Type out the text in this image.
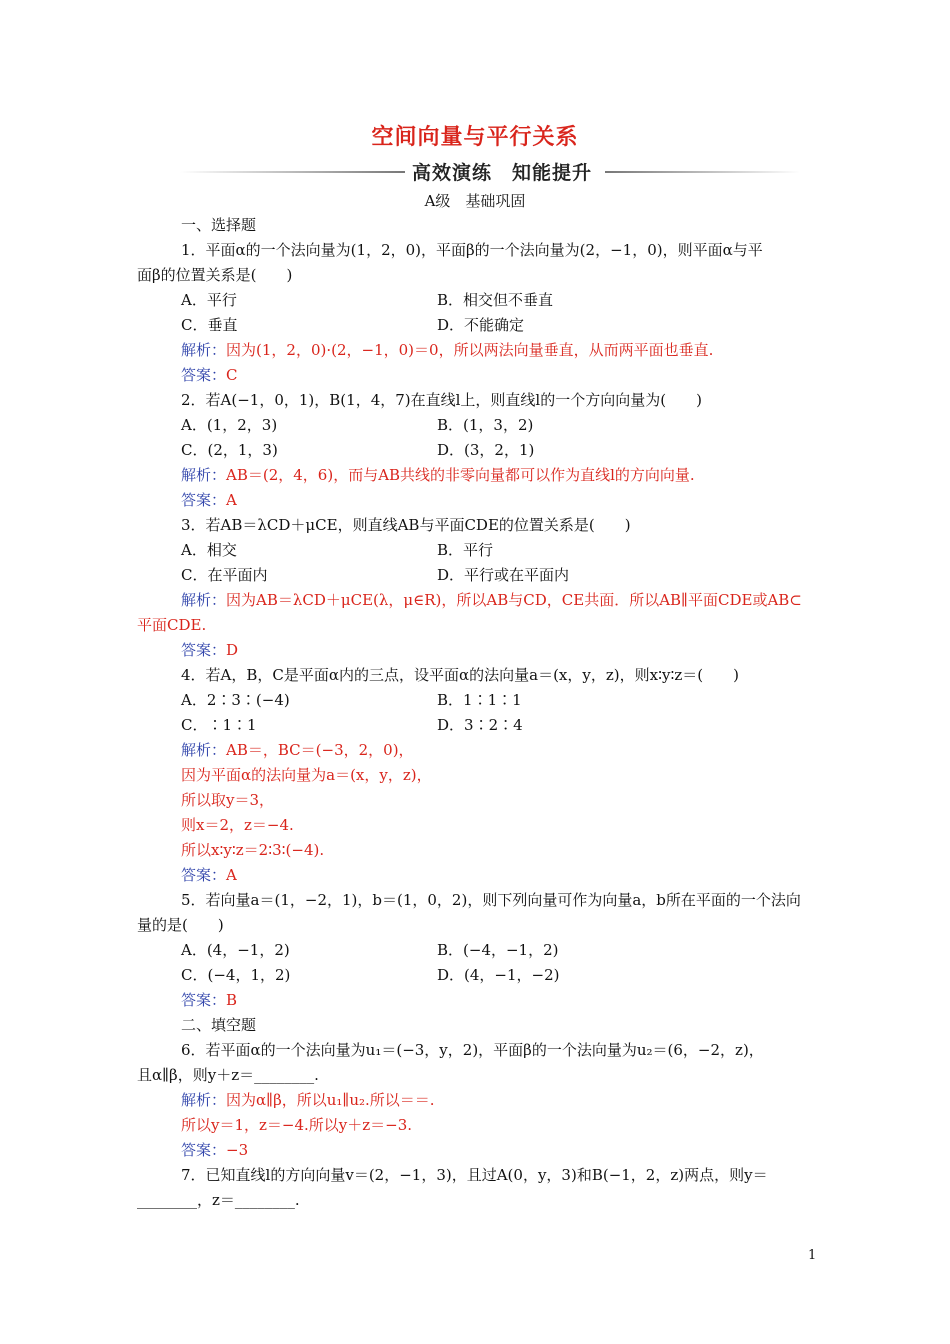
空间向量与平行关系
高效演练　知能提升
A级　基础巩固
一、选择题
1．平面α的一个法向量为(1，2，0)，平面β的一个法向量为(2，−1，0)，则平面α与平
面β的位置关系是(　　)
A．平行	B．相交但不垂直
C．垂直	D．不能确定
解析：因为(1，2，0)·(2，−1，0)＝0，所以两法向量垂直，从而两平面也垂直.
答案：C
2．若A(−1，0，1)，B(1，4，7)在直线l上，则直线l的一个方向向量为(　　)
A．(1，2，3)	B．(1，3，2)
C．(2，1，3)	D．(3，2，1)
解析：AB＝(2，4，6)，而与AB共线的非零向量都可以作为直线l的方向向量.
答案：A
3．若AB＝λCD＋μCE，则直线AB与平面CDE的位置关系是(　　)
A．相交	B．平行
C．在平面内	D．平行或在平面内
解析：因为AB＝λCD＋μCE(λ，μ∈R)，所以AB与CD，CE共面．所以AB∥平面CDE或AB⊂
平面CDE.
答案：D
4．若A，B，C是平面α内的三点，设平面α的法向量a＝(x，y，z)，则x∶y∶z＝(　　)
A．2∶3∶(−4)	B．1∶1∶1
C．∶1∶1	D．3∶2∶4
解析：AB＝，BC＝(−3，2，0)，
因为平面α的法向量为a＝(x，y，z)，
所以取y＝3，
则x＝2，z＝−4.
所以x∶y∶z＝2∶3∶(−4).
答案：A
5．若向量a＝(1，−2，1)，b＝(1，0，2)，则下列向量可作为向量a，b所在平面的一个法向
量的是(　　)
A．(4，−1，2)	B．(−4，−1，2)
C．(−4，1，2)	D．(4，−1，−2)
答案：B
二、填空题
6．若平面α的一个法向量为u₁＝(−3，y，2)，平面β的一个法向量为u₂＝(6，−2，z)，
且α∥β，则y＋z＝________.
解析：因为α∥β，所以u₁∥u₂.所以＝＝.
所以y＝1，z＝−4.所以y＋z＝−3.
答案：−3
7．已知直线l的方向向量v＝(2，−1，3)，且过A(0，y，3)和B(−1，2，z)两点，则y＝
________，z＝________.
1
